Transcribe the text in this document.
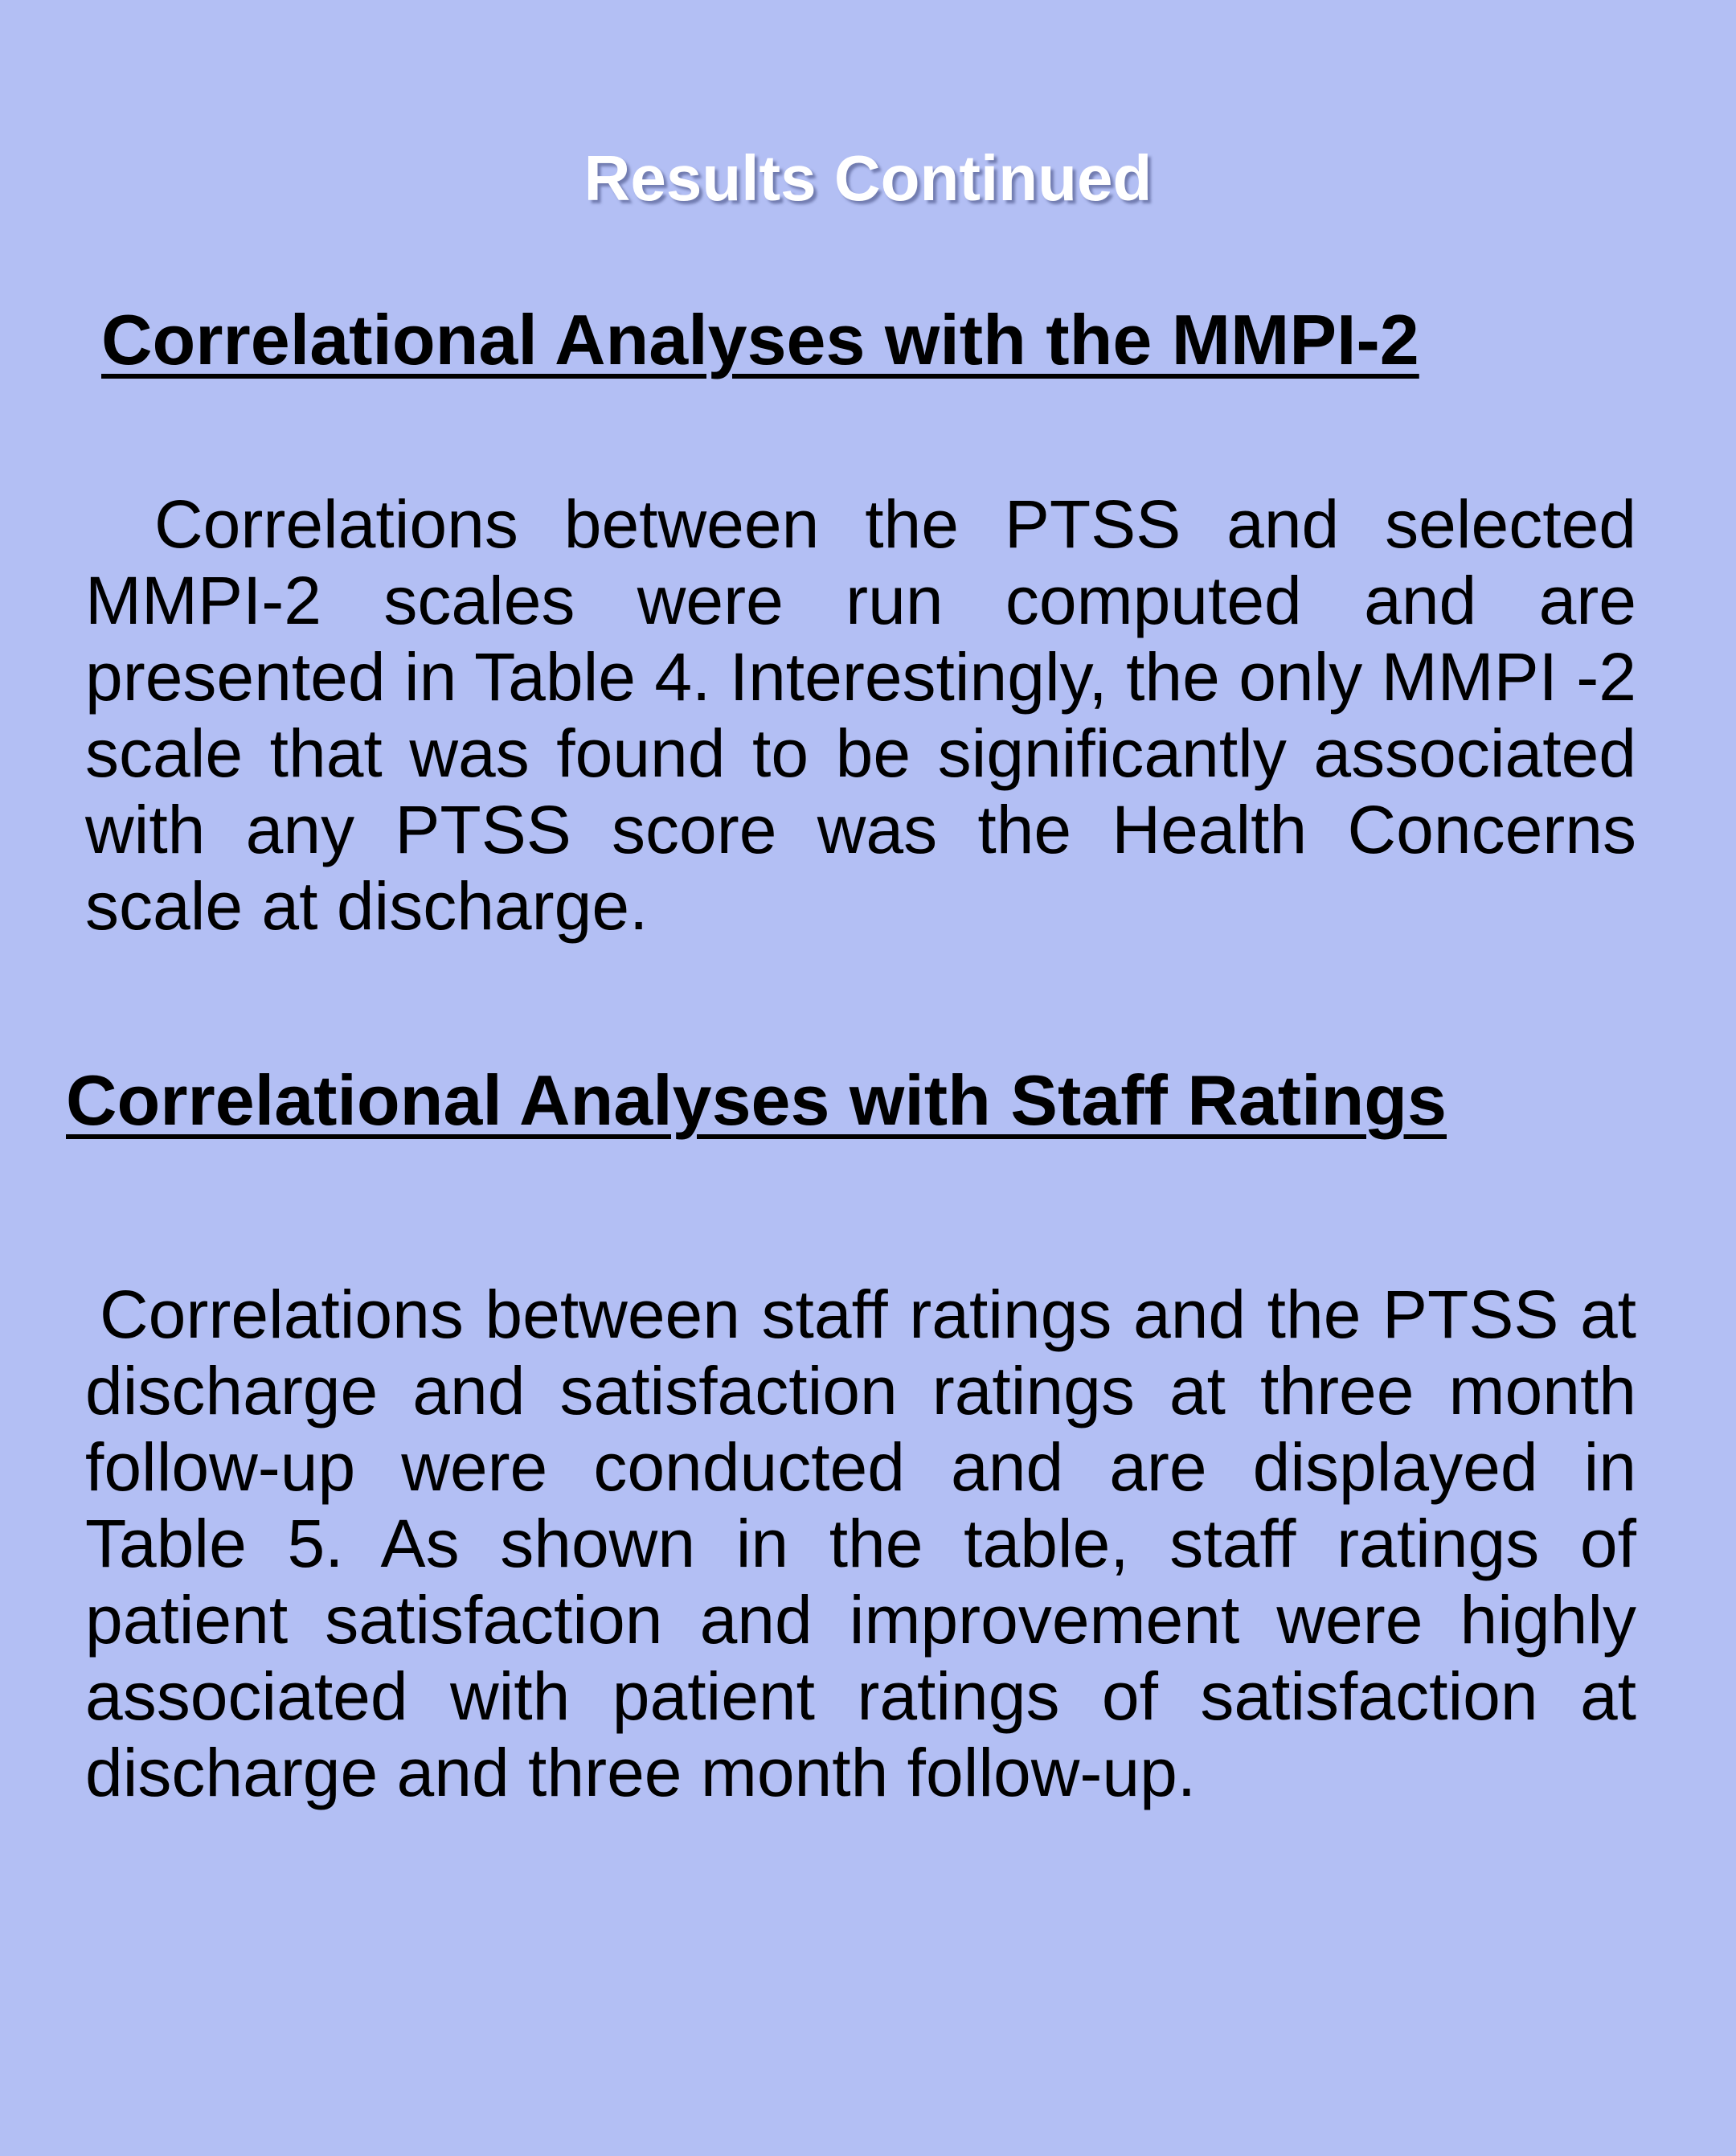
Results Continued
Correlational Analyses with the MMPI-2

Correlations between the PTSS and selected MMPI-2 scales were run computed and are presented in Table 4. Interestingly, the only MMPI -2 scale that was found to be significantly associated with any PTSS score was the Health Concerns scale at discharge.

Correlational Analyses with Staff Ratings

Correlations between staff ratings and the PTSS at discharge and satisfaction ratings at three month follow-up were conducted and are displayed in Table 5. As shown in the table, staff ratings of patient satisfaction and improvement were highly associated with patient ratings of satisfaction at discharge and three month follow-up.
